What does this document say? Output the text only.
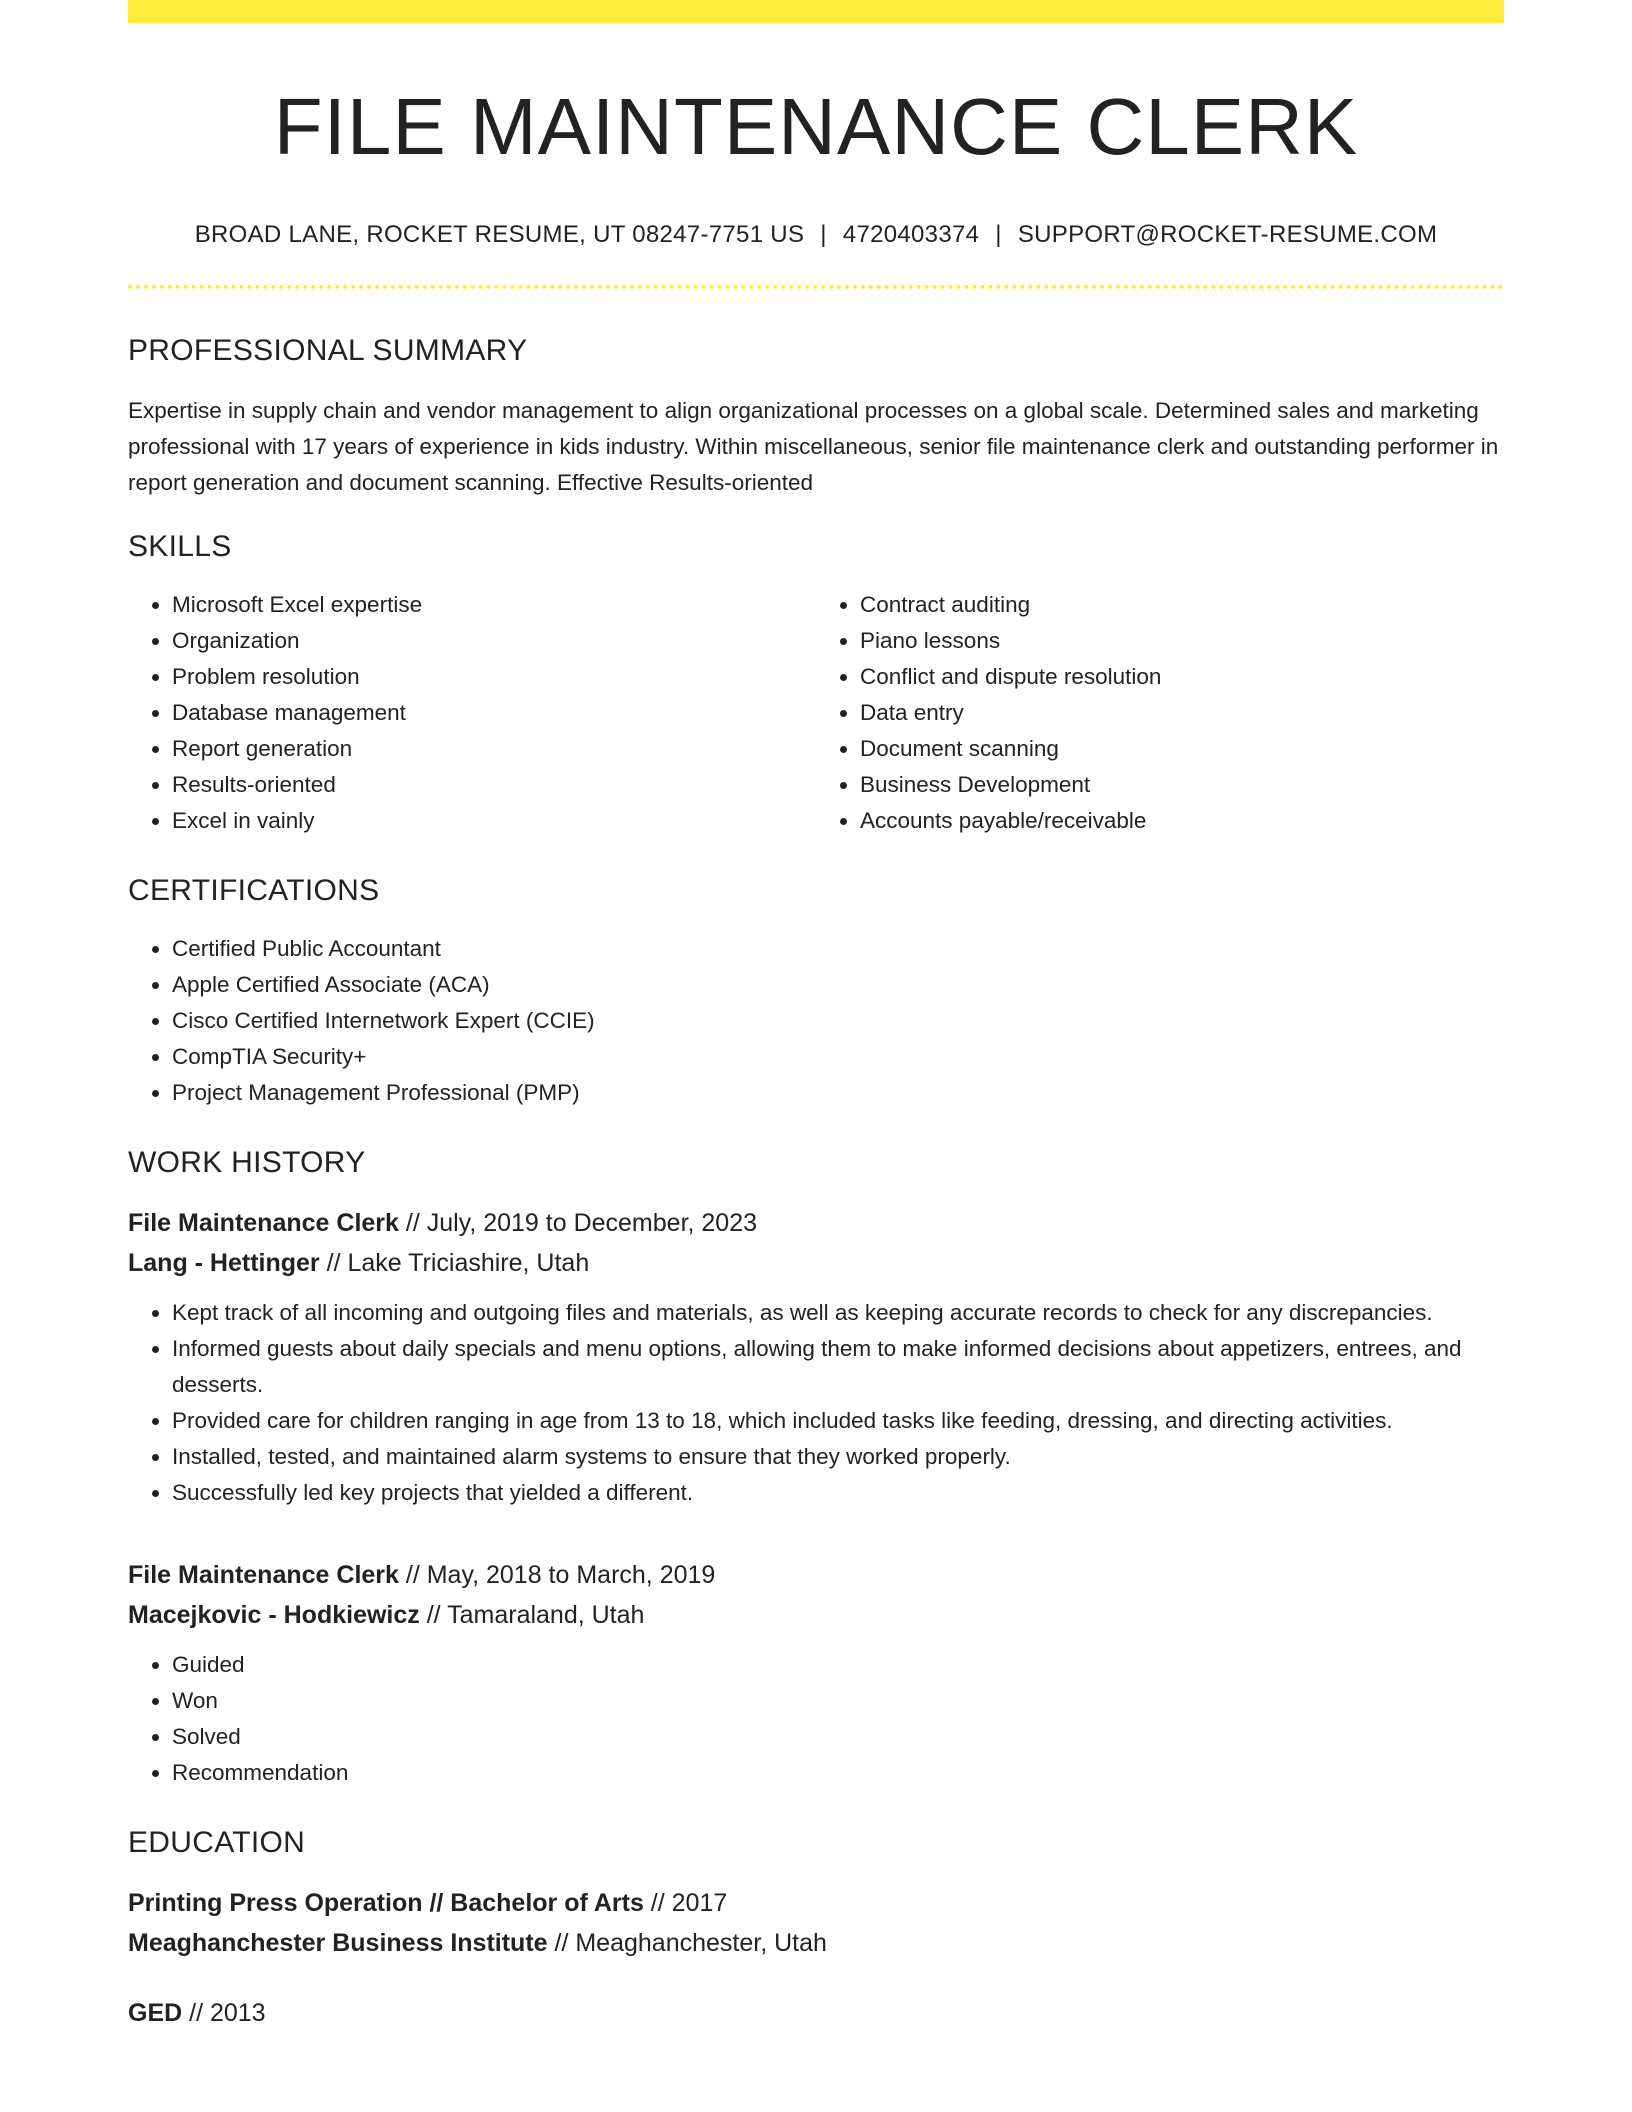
FILE MAINTENANCE CLERK
BROAD LANE, ROCKET RESUME, UT 08247-7751 US | 4720403374 | SUPPORT@ROCKET-RESUME.COM
PROFESSIONAL SUMMARY

Expertise in supply chain and vendor management to align organizational processes on a global scale. Determined sales and marketing professional with 17 years of experience in kids industry. Within miscellaneous, senior file maintenance clerk and outstanding performer in report generation and document scanning. Effective Results-oriented

SKILLS
• Microsoft Excel expertise
• Organization
• Problem resolution
• Database management
• Report generation
• Results-oriented
• Excel in vainly
• Contract auditing
• Piano lessons
• Conflict and dispute resolution
• Data entry
• Document scanning
• Business Development
• Accounts payable/receivable
CERTIFICATIONS
• Certified Public Accountant
• Apple Certified Associate (ACA)
• Cisco Certified Internetwork Expert (CCIE)
• CompTIA Security+
• Project Management Professional (PMP)
WORK HISTORY
File Maintenance Clerk // July, 2019 to December, 2023
Lang - Hettinger // Lake Triciashire, Utah
• Kept track of all incoming and outgoing files and materials, as well as keeping accurate records to check for any discrepancies.
• Informed guests about daily specials and menu options, allowing them to make informed decisions about appetizers, entrees, and desserts.
• Provided care for children ranging in age from 13 to 18, which included tasks like feeding, dressing, and directing activities.
• Installed, tested, and maintained alarm systems to ensure that they worked properly.
• Successfully led key projects that yielded a different.
File Maintenance Clerk // May, 2018 to March, 2019
Macejkovic - Hodkiewicz // Tamaraland, Utah
• Guided
• Won
• Solved
• Recommendation
EDUCATION
Printing Press Operation // Bachelor of Arts // 2017
Meaghanchester Business Institute // Meaghanchester, Utah
GED // 2013
